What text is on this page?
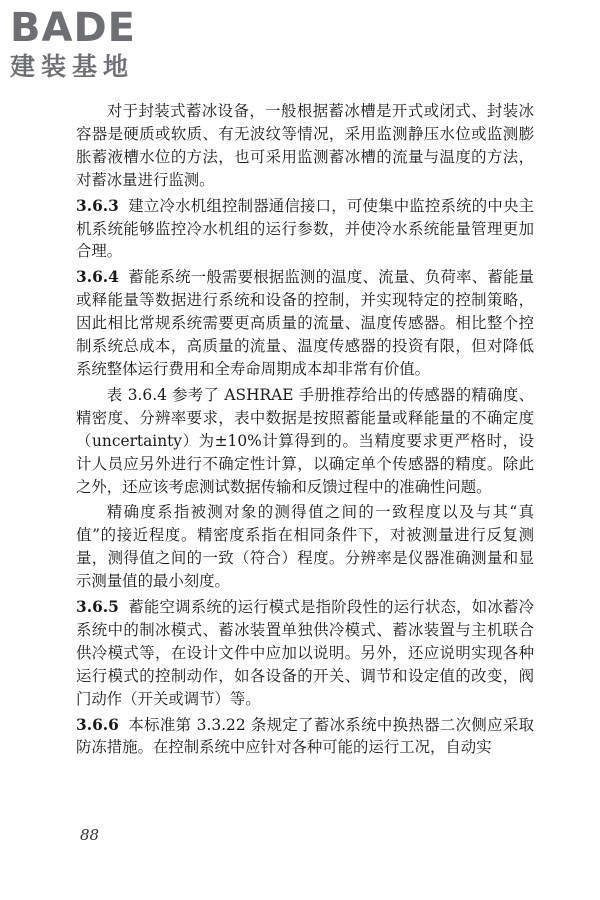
BADE
建装基地

对于封装式蓄冰设备，一般根据蓄冰槽是开式或闭式、封装冰容器是硬质或软质、有无波纹等情况，采用监测静压水位或监测膨胀蓄液槽水位的方法，也可采用监测蓄冰槽的流量与温度的方法，对蓄冰量进行监测。

3.6.3 建立冷水机组控制器通信接口，可使集中监控系统的中央主机系统能够监控冷水机组的运行参数，并使冷水系统能量管理更加合理。

3.6.4 蓄能系统一般需要根据监测的温度、流量、负荷率、蓄能量或释能量等数据进行系统和设备的控制，并实现特定的控制策略，因此相比常规系统需要更高质量的流量、温度传感器。相比整个控制系统总成本，高质量的流量、温度传感器的投资有限，但对降低系统整体运行费用和全寿命周期成本却非常有价值。

表 3.6.4 参考了 ASHRAE 手册推荐给出的传感器的精确度、精密度、分辨率要求，表中数据是按照蓄能量或释能量的不确定度（uncertainty）为±10%计算得到的。当精度要求更严格时，设计人员应另外进行不确定性计算，以确定单个传感器的精度。除此之外，还应该考虑测试数据传输和反馈过程中的准确性问题。

精确度系指被测对象的测得值之间的一致程度以及与其“真值”的接近程度。精密度系指在相同条件下，对被测量进行反复测量，测得值之间的一致（符合）程度。分辨率是仪器准确测量和显示测量值的最小刻度。

3.6.5 蓄能空调系统的运行模式是指阶段性的运行状态，如冰蓄冷系统中的制冰模式、蓄冰装置单独供冷模式、蓄冰装置与主机联合供冷模式等，在设计文件中应加以说明。另外，还应说明实现各种运行模式的控制动作，如各设备的开关、调节和设定值的改变，阀门动作（开关或调节）等。

3.6.6 本标准第 3.3.22 条规定了蓄冰系统中换热器二次侧应采取防冻措施。在控制系统中应针对各种可能的运行工况，自动实

88
